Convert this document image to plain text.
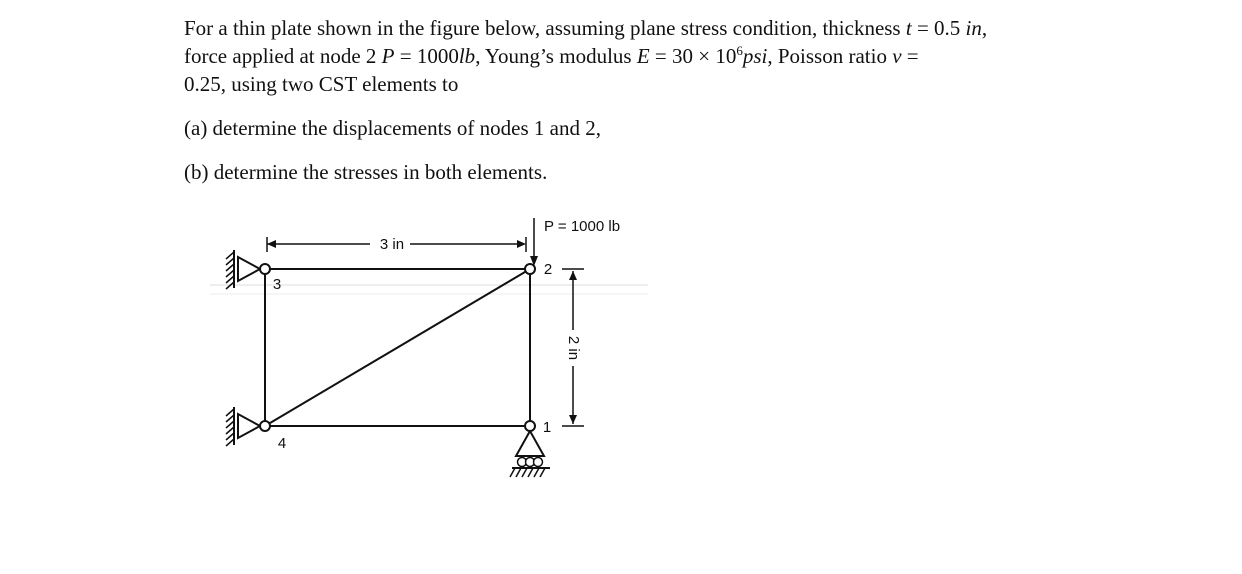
For a thin plate shown in the figure below, assuming plane stress condition, thickness t = 0.5 in,
force applied at node 2 P = 1000lb, Young’s modulus $E = 30 \times 10^6psi$, Poisson ratio ν =
0.25, using two CST elements to

(a) determine the displacements of nodes 1 and 2,

(b) determine the stresses in both elements.

3 in
P = 1000 lb
2 in
3
2
4
1
